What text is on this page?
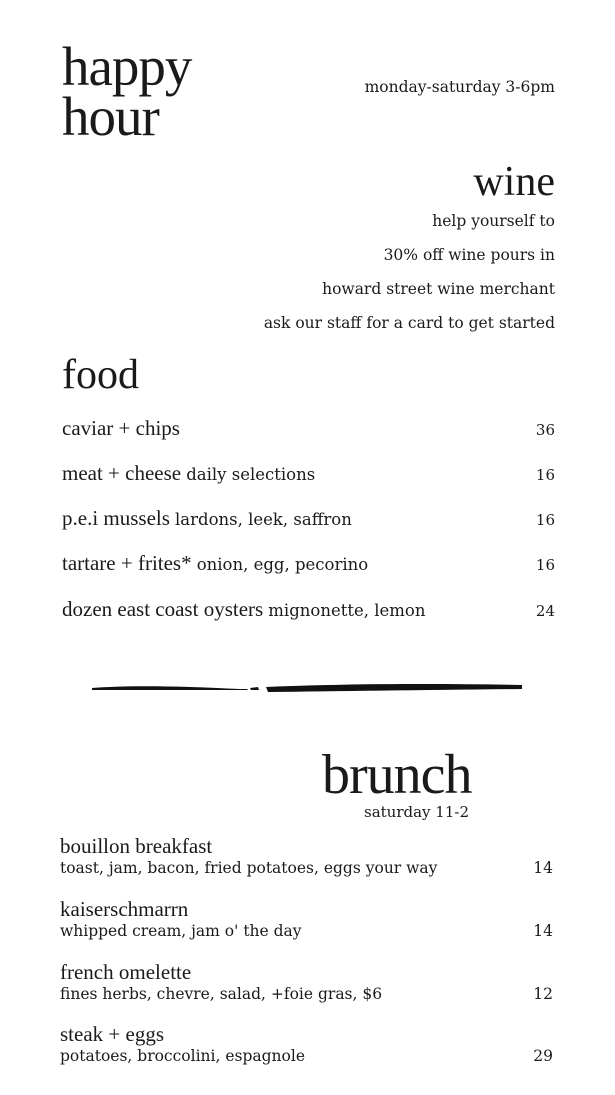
happy
hour	monday-saturday 3-6pm
wine
help yourself to
30% off wine pours in
howard street wine merchant
ask our staff for a card to get started
food
caviar + chips	36
meat + cheese daily selections	16
p.e.i mussels lardons, leek, saffron	16
tartare + frites* onion, egg, pecorino	16
dozen east coast oysters mignonette, lemon	24
brunch
saturday 11-2
bouillon breakfast
toast, jam, bacon, fried potatoes, eggs your way	14
kaiserschmarrn
whipped cream, jam o' the day	14
french omelette
fines herbs, chevre, salad, +foie gras, $6	12
steak + eggs
potatoes, broccolini, espagnole	29
